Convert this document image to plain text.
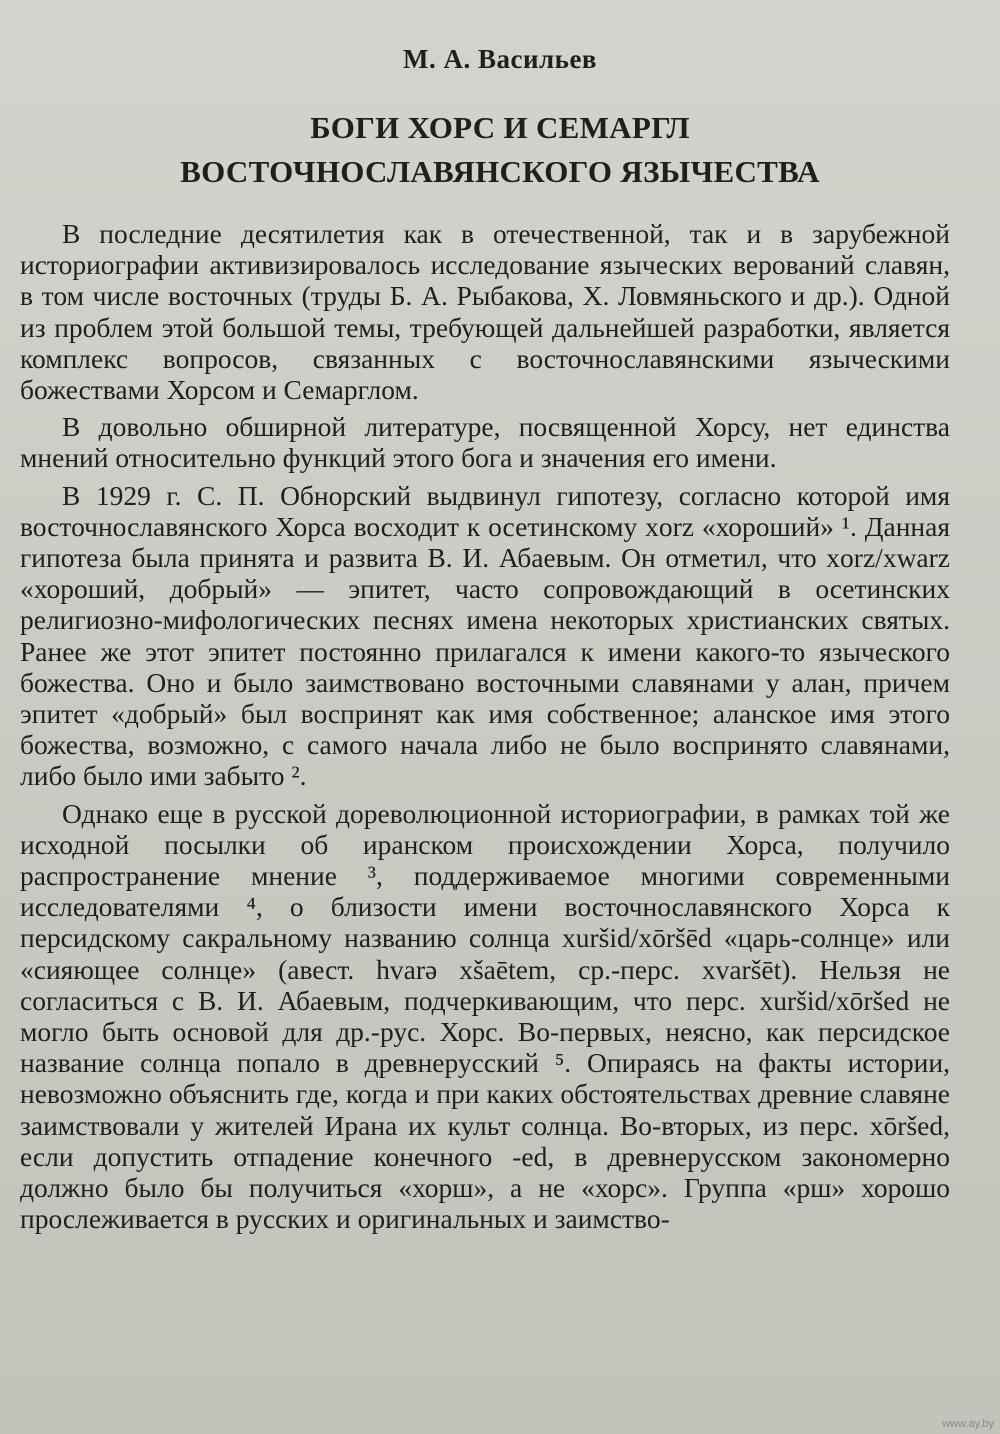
М. А. Васильев
БОГИ ХОРС И СЕМАРГЛ
ВОСТОЧНОСЛАВЯНСКОГО ЯЗЫЧЕСТВА

В последние десятилетия как в отечественной, так и в зарубежной историографии активизировалось исследование языческих верований славян, в том числе восточных (труды Б. А. Рыбакова, Х. Ловмяньского и др.). Одной из проблем этой большой темы, требующей дальнейшей разработки, является комплекс вопросов, связанных с восточнославянскими языческими божествами Хорсом и Семарглом.

В довольно обширной литературе, посвященной Хорсу, нет единства мнений относительно функций этого бога и значения его имени.

В 1929 г. С. П. Обнорский выдвинул гипотезу, согласно которой имя восточнославянского Хорса восходит к осетинскому xorz «хороший» ¹. Данная гипотеза была принята и развита В. И. Абаевым. Он отметил, что xorz/xwarz «хороший, добрый» — эпитет, часто сопровождающий в осетинских религиозно-мифологических песнях имена некоторых христианских святых. Ранее же этот эпитет постоянно прилагался к имени какого-то языческого божества. Оно и было заимствовано восточными славянами у алан, причем эпитет «добрый» был воспринят как имя собственное; аланское имя этого божества, возможно, с самого начала либо не было воспринято славянами, либо было ими забыто ².

Однако еще в русской дореволюционной историографии, в рамках той же исходной посылки об иранском происхождении Хорса, получило распространение мнение ³, поддерживаемое многими современными исследователями ⁴, о близости имени восточнославянского Хорса к персидскому сакральному названию солнца xuršid/xōršēd «царь-солнце» или «сияющее солнце» (авест. hvarə xšaētem, ср.-перс. xvaršēt). Нельзя не согласиться с В. И. Абаевым, подчеркивающим, что перс. xuršid/xōršed не могло быть основой для др.-рус. Хорс. Во-первых, неясно, как персидское название солнца попало в древнерусский ⁵. Опираясь на факты истории, невозможно объяснить где, когда и при каких обстоятельствах древние славяне заимствовали у жителей Ирана их культ солнца. Во-вторых, из перс. xōršed, если допустить отпадение конечного -ed, в древнерусском закономерно должно было бы получиться «хорш», а не «хорс». Группа «рш» хорошо прослеживается в русских и оригинальных и заимство-

www.ay.by
